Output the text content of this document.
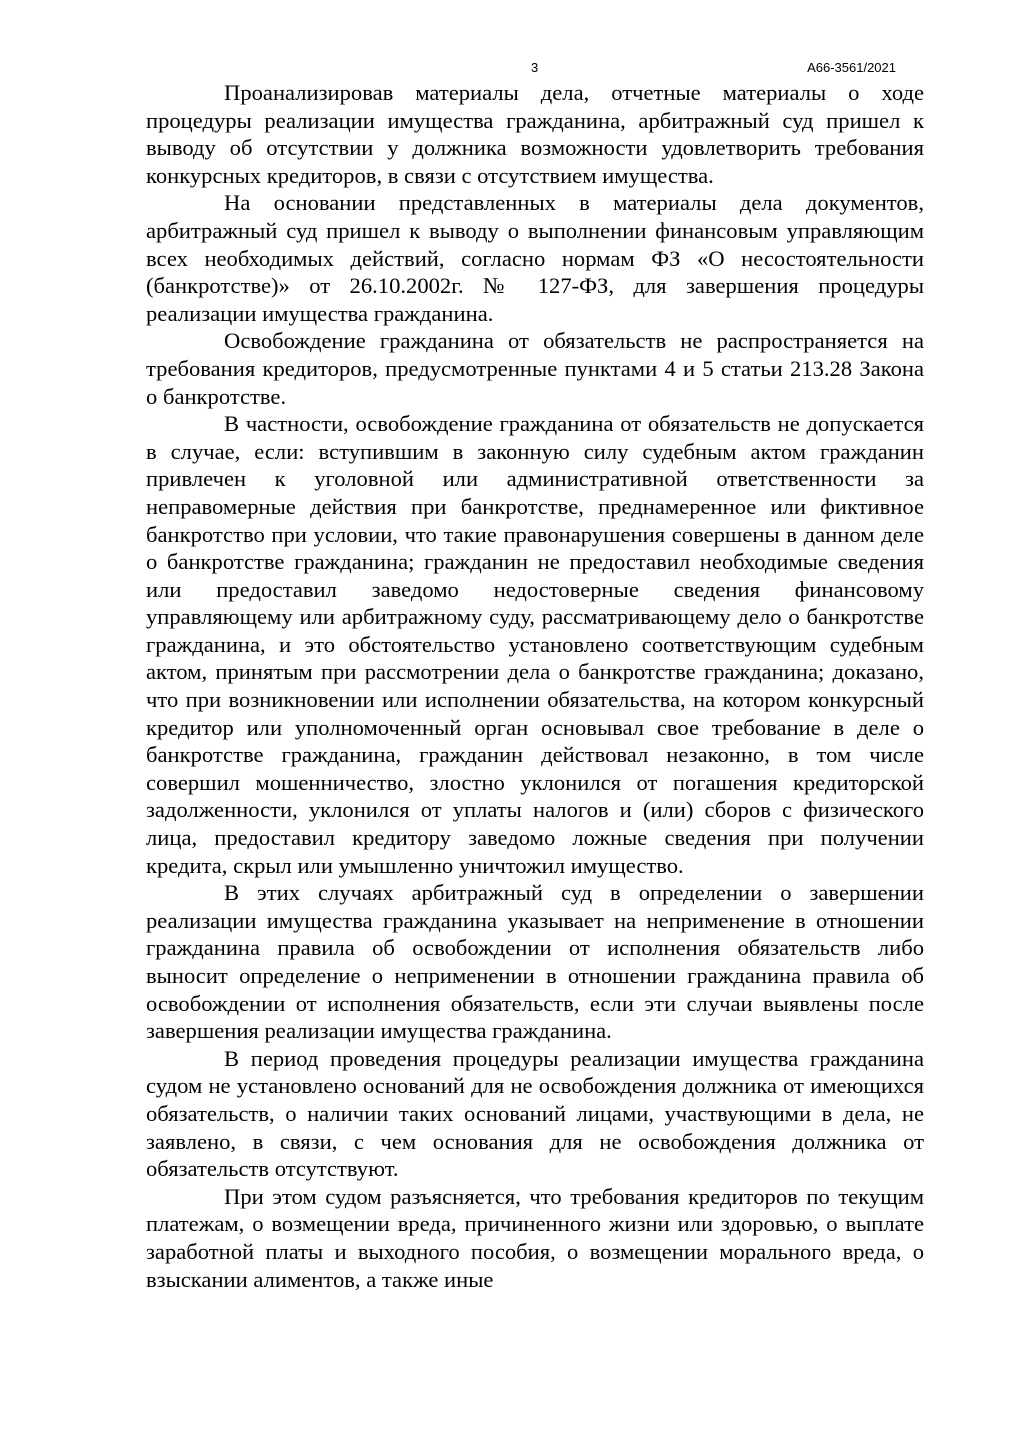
3	А66-3561/2021

Проанализировав материалы дела, отчетные материалы о ходе процедуры реализации имущества гражданина, арбитражный суд пришел к выводу об отсутствии у должника возможности удовлетворить требования конкурсных кредиторов, в связи с отсутствием имущества.

На основании представленных в материалы дела документов, арбитражный суд пришел к выводу о выполнении финансовым управляющим всех необходимых действий, согласно нормам ФЗ «О несостоятельности (банкротстве)» от 26.10.2002г. № 127-ФЗ, для завершения процедуры реализации имущества гражданина.

Освобождение гражданина от обязательств не распространяется на требования кредиторов, предусмотренные пунктами 4 и 5 статьи 213.28 Закона о банкротстве.

В частности, освобождение гражданина от обязательств не допускается в случае, если: вступившим в законную силу судебным актом гражданин привлечен к уголовной или административной ответственности за неправомерные действия при банкротстве, преднамеренное или фиктивное банкротство при условии, что такие правонарушения совершены в данном деле о банкротстве гражданина; гражданин не предоставил необходимые сведения или предоставил заведомо недостоверные сведения финансовому управляющему или арбитражному суду, рассматривающему дело о банкротстве гражданина, и это обстоятельство установлено соответствующим судебным актом, принятым при рассмотрении дела о банкротстве гражданина; доказано, что при возникновении или исполнении обязательства, на котором конкурсный кредитор или уполномоченный орган основывал свое требование в деле о банкротстве гражданина, гражданин действовал незаконно, в том числе совершил мошенничество, злостно уклонился от погашения кредиторской задолженности, уклонился от уплаты налогов и (или) сборов с физического лица, предоставил кредитору заведомо ложные сведения при получении кредита, скрыл или умышленно уничтожил имущество.

В этих случаях арбитражный суд в определении о завершении реализации имущества гражданина указывает на неприменение в отношении гражданина правила об освобождении от исполнения обязательств либо выносит определение о неприменении в отношении гражданина правила об освобождении от исполнения обязательств, если эти случаи выявлены после завершения реализации имущества гражданина.

В период проведения процедуры реализации имущества гражданина судом не установлено оснований для не освобождения должника от имеющихся обязательств, о наличии таких оснований лицами, участвующими в дела, не заявлено, в связи, с чем основания для не освобождения должника от обязательств отсутствуют.

При этом судом разъясняется, что требования кредиторов по текущим платежам, о возмещении вреда, причиненного жизни или здоровью, о выплате заработной платы и выходного пособия, о возмещении морального вреда, о взыскании алиментов, а также иные
